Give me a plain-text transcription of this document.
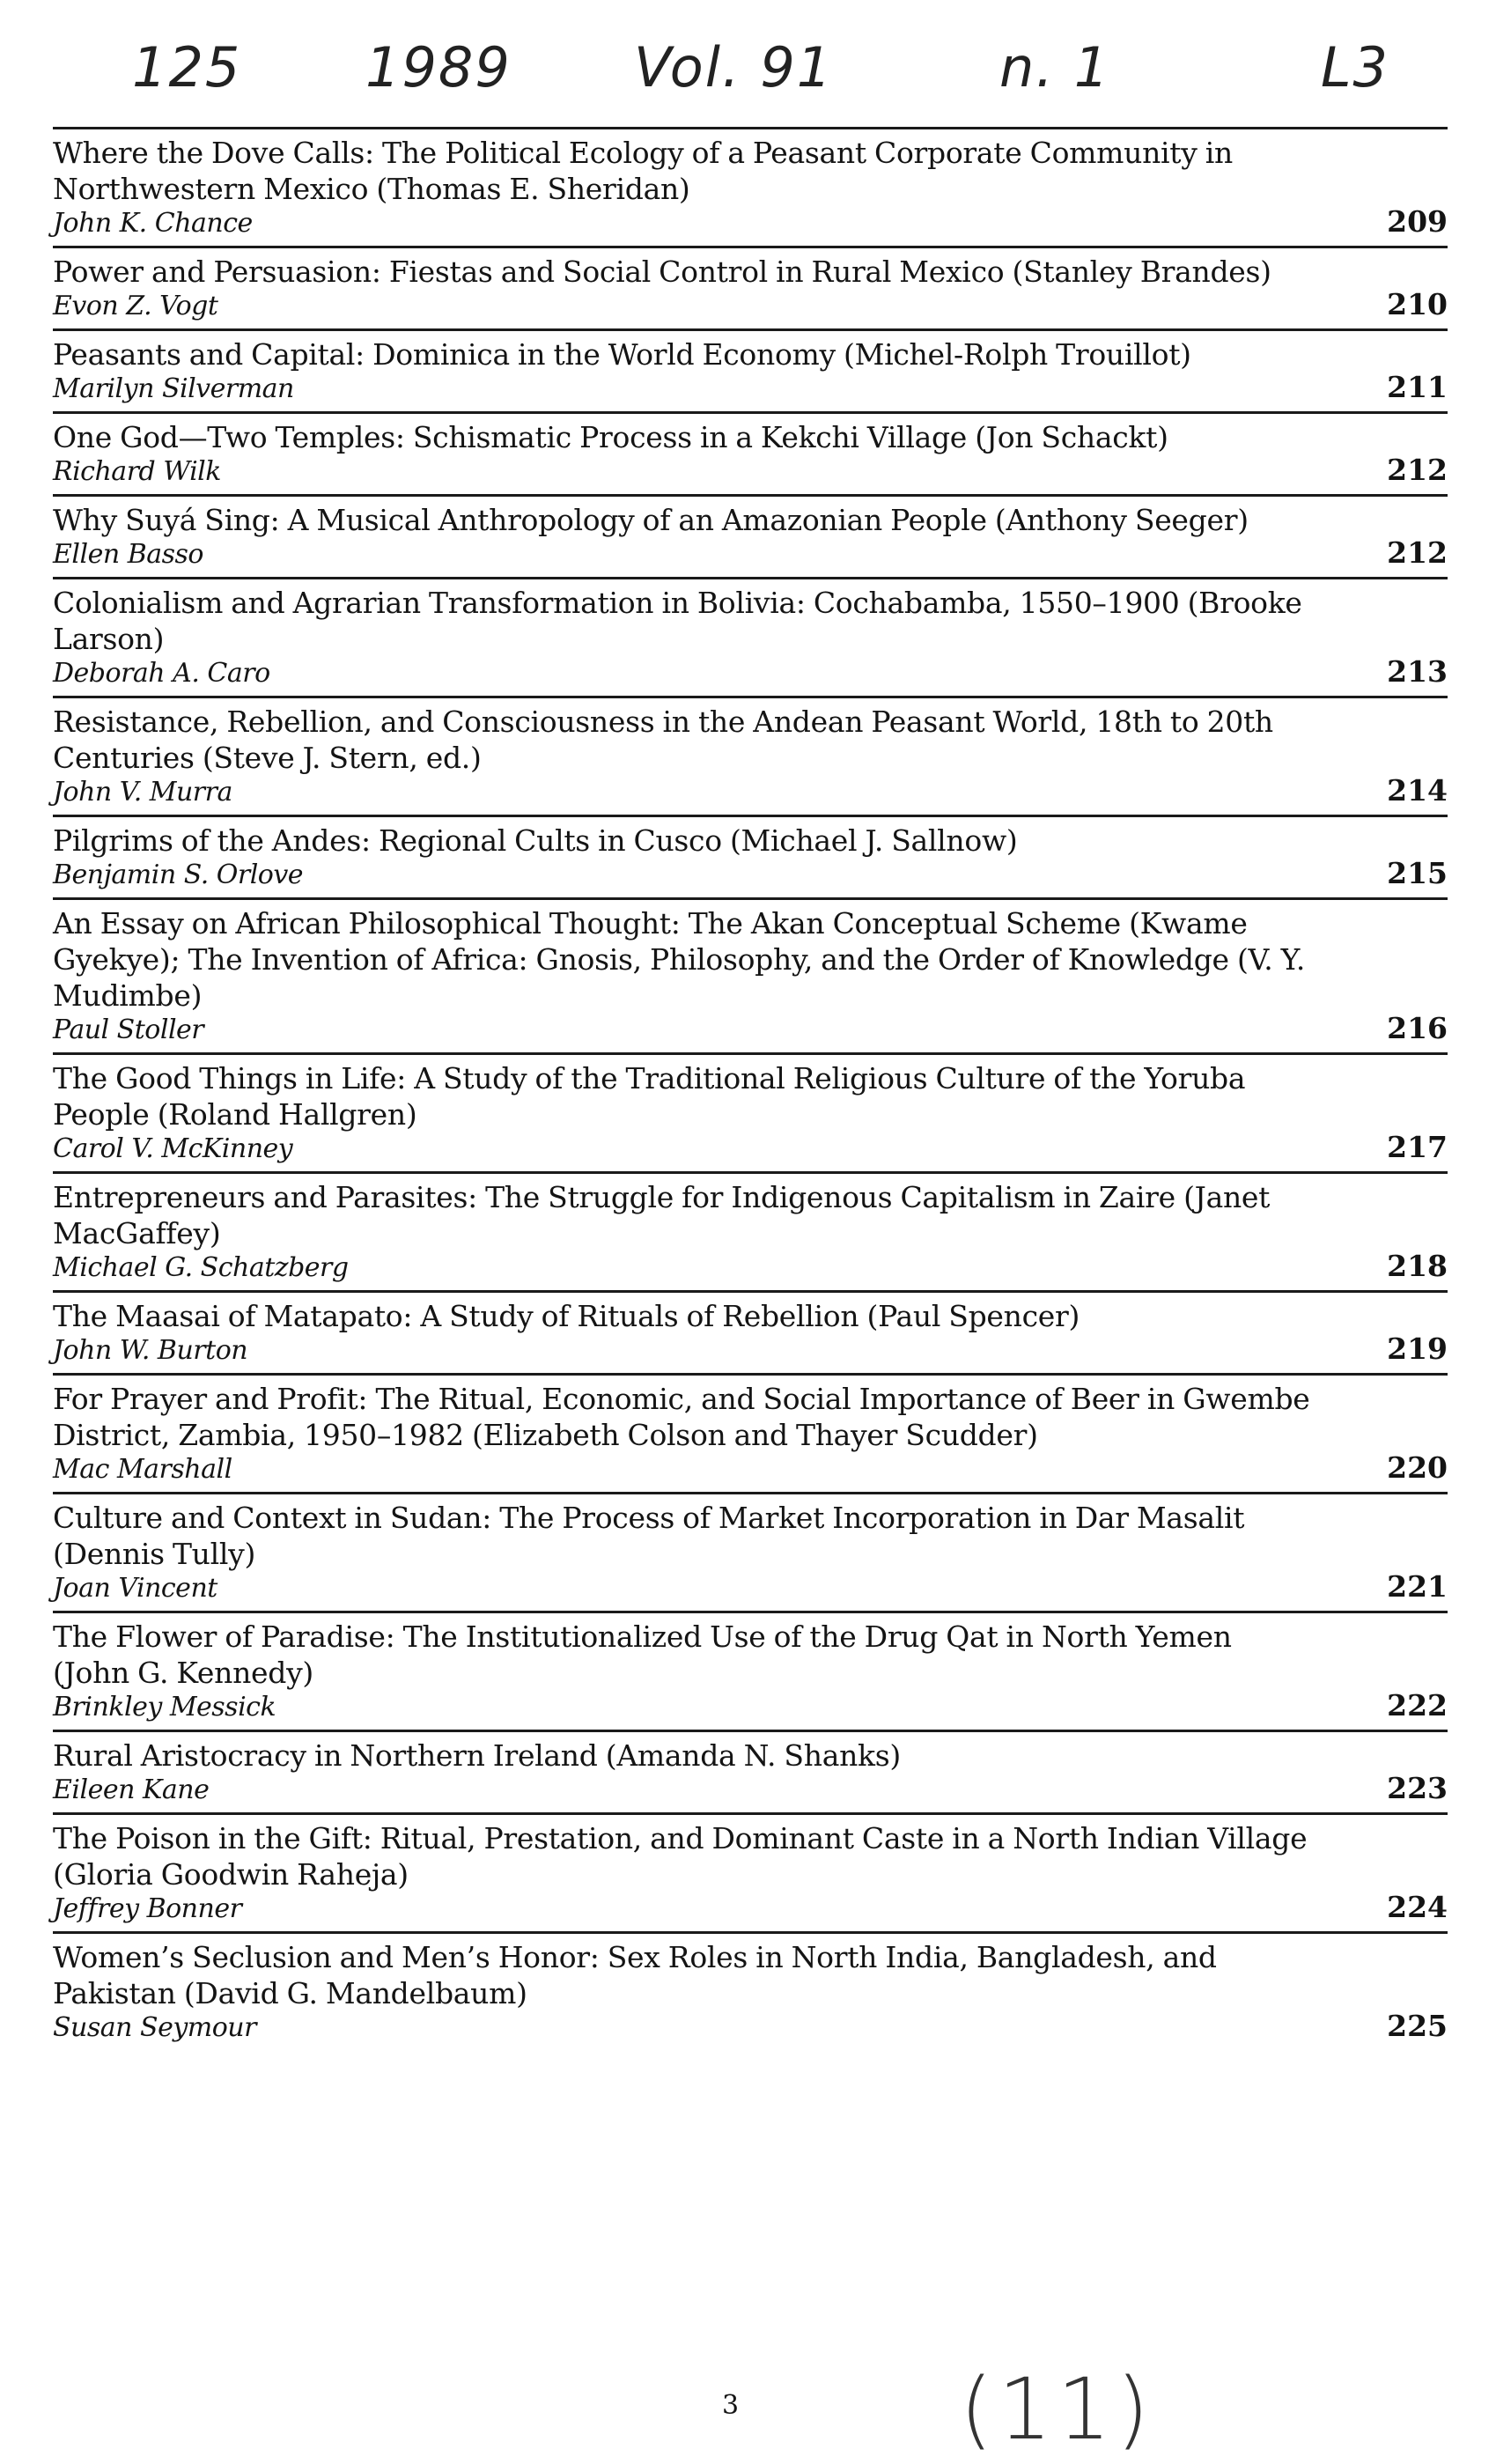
125 1989 Vol. 91	n. 1	L3
Where the Dove Calls: The Political Ecology of a Peasant Corporate Community in Northwestern Mexico (Thomas E. Sheridan)
John K. Chance	209
Power and Persuasion: Fiestas and Social Control in Rural Mexico (Stanley Brandes)
Evon Z. Vogt	210
Peasants and Capital: Dominica in the World Economy (Michel-Rolph Trouillot)
Marilyn Silverman	211
One God—Two Temples: Schismatic Process in a Kekchi Village (Jon Schackt)
Richard Wilk	212
Why Suyá Sing: A Musical Anthropology of an Amazonian People (Anthony Seeger)
Ellen Basso	212
Colonialism and Agrarian Transformation in Bolivia: Cochabamba, 1550–1900 (Brooke Larson)
Deborah A. Caro	213
Resistance, Rebellion, and Consciousness in the Andean Peasant World, 18th to 20th Centuries (Steve J. Stern, ed.)
John V. Murra	214
Pilgrims of the Andes: Regional Cults in Cusco (Michael J. Sallnow)
Benjamin S. Orlove	215
An Essay on African Philosophical Thought: The Akan Conceptual Scheme (Kwame Gyekye); The Invention of Africa: Gnosis, Philosophy, and the Order of Knowledge (V. Y. Mudimbe)
Paul Stoller	216
The Good Things in Life: A Study of the Traditional Religious Culture of the Yoruba People (Roland Hallgren)
Carol V. McKinney	217
Entrepreneurs and Parasites: The Struggle for Indigenous Capitalism in Zaire (Janet MacGaffey)
Michael G. Schatzberg	218
The Maasai of Matapato: A Study of Rituals of Rebellion (Paul Spencer)
John W. Burton	219
For Prayer and Profit: The Ritual, Economic, and Social Importance of Beer in Gwembe District, Zambia, 1950–1982 (Elizabeth Colson and Thayer Scudder)
Mac Marshall	220
Culture and Context in Sudan: The Process of Market Incorporation in Dar Masalit (Dennis Tully)
Joan Vincent	221
The Flower of Paradise: The Institutionalized Use of the Drug Qat in North Yemen (John G. Kennedy)
Brinkley Messick	222
Rural Aristocracy in Northern Ireland (Amanda N. Shanks)
Eileen Kane	223
The Poison in the Gift: Ritual, Prestation, and Dominant Caste in a North Indian Village (Gloria Goodwin Raheja)
Jeffrey Bonner	224
Women’s Seclusion and Men’s Honor: Sex Roles in North India, Bangladesh, and Pakistan (David G. Mandelbaum)
Susan Seymour	225
3	(11)
